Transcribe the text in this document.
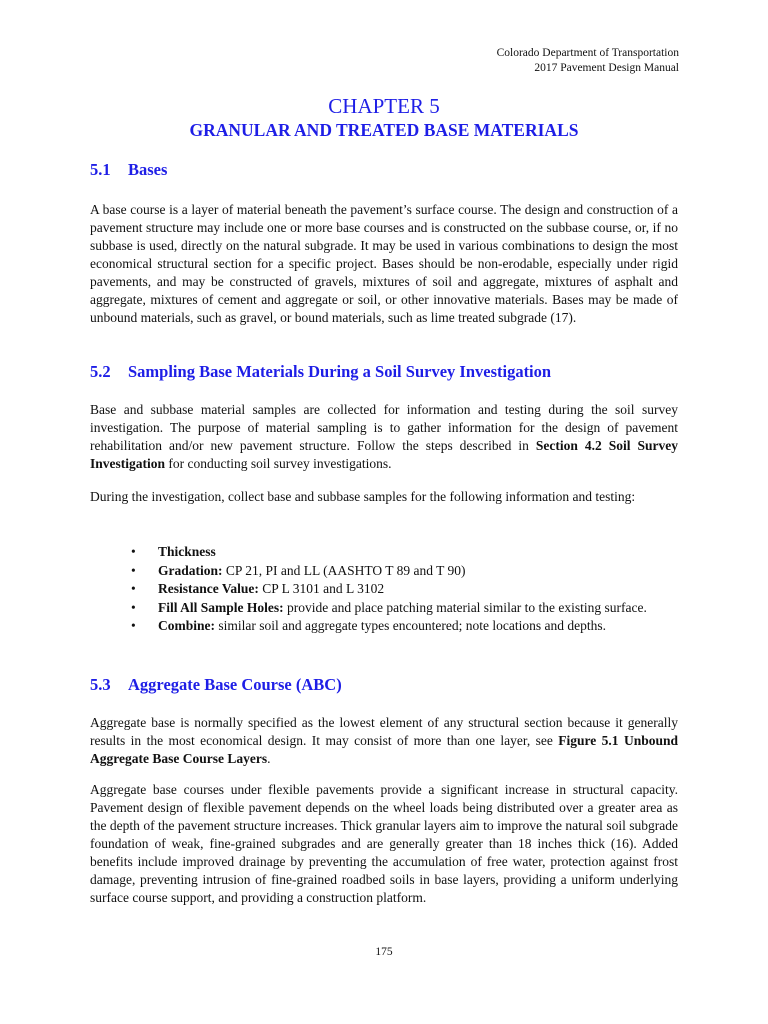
Colorado Department of Transportation
2017 Pavement Design Manual
CHAPTER 5
GRANULAR AND TREATED BASE MATERIALS
5.1 Bases

A base course is a layer of material beneath the pavement’s surface course. The design and construction of a pavement structure may include one or more base courses and is constructed on the subbase course, or, if no subbase is used, directly on the natural subgrade. It may be used in various combinations to design the most economical structural section for a specific project. Bases should be non-erodable, especially under rigid pavements, and may be constructed of gravels, mixtures of soil and aggregate, mixtures of asphalt and aggregate, mixtures of cement and aggregate or soil, or other innovative materials. Bases may be made of unbound materials, such as gravel, or bound materials, such as lime treated subgrade (17).

5.2 Sampling Base Materials During a Soil Survey Investigation

Base and subbase material samples are collected for information and testing during the soil survey investigation. The purpose of material sampling is to gather information for the design of pavement rehabilitation and/or new pavement structure. Follow the steps described in Section 4.2 Soil Survey Investigation for conducting soil survey investigations.

During the investigation, collect base and subbase samples for the following information and testing:

• Thickness
• Gradation: CP 21, PI and LL (AASHTO T 89 and T 90)
• Resistance Value: CP L 3101 and L 3102
• Fill All Sample Holes: provide and place patching material similar to the existing surface.
• Combine: similar soil and aggregate types encountered; note locations and depths.
5.3 Aggregate Base Course (ABC)

Aggregate base is normally specified as the lowest element of any structural section because it generally results in the most economical design. It may consist of more than one layer, see Figure 5.1 Unbound Aggregate Base Course Layers.

Aggregate base courses under flexible pavements provide a significant increase in structural capacity. Pavement design of flexible pavement depends on the wheel loads being distributed over a greater area as the depth of the pavement structure increases. Thick granular layers aim to improve the natural soil subgrade foundation of weak, fine-grained subgrades and are generally greater than 18 inches thick (16). Added benefits include improved drainage by preventing the accumulation of free water, protection against frost damage, preventing intrusion of fine-grained roadbed soils in base layers, providing a uniform underlying surface course support, and providing a construction platform.

175
